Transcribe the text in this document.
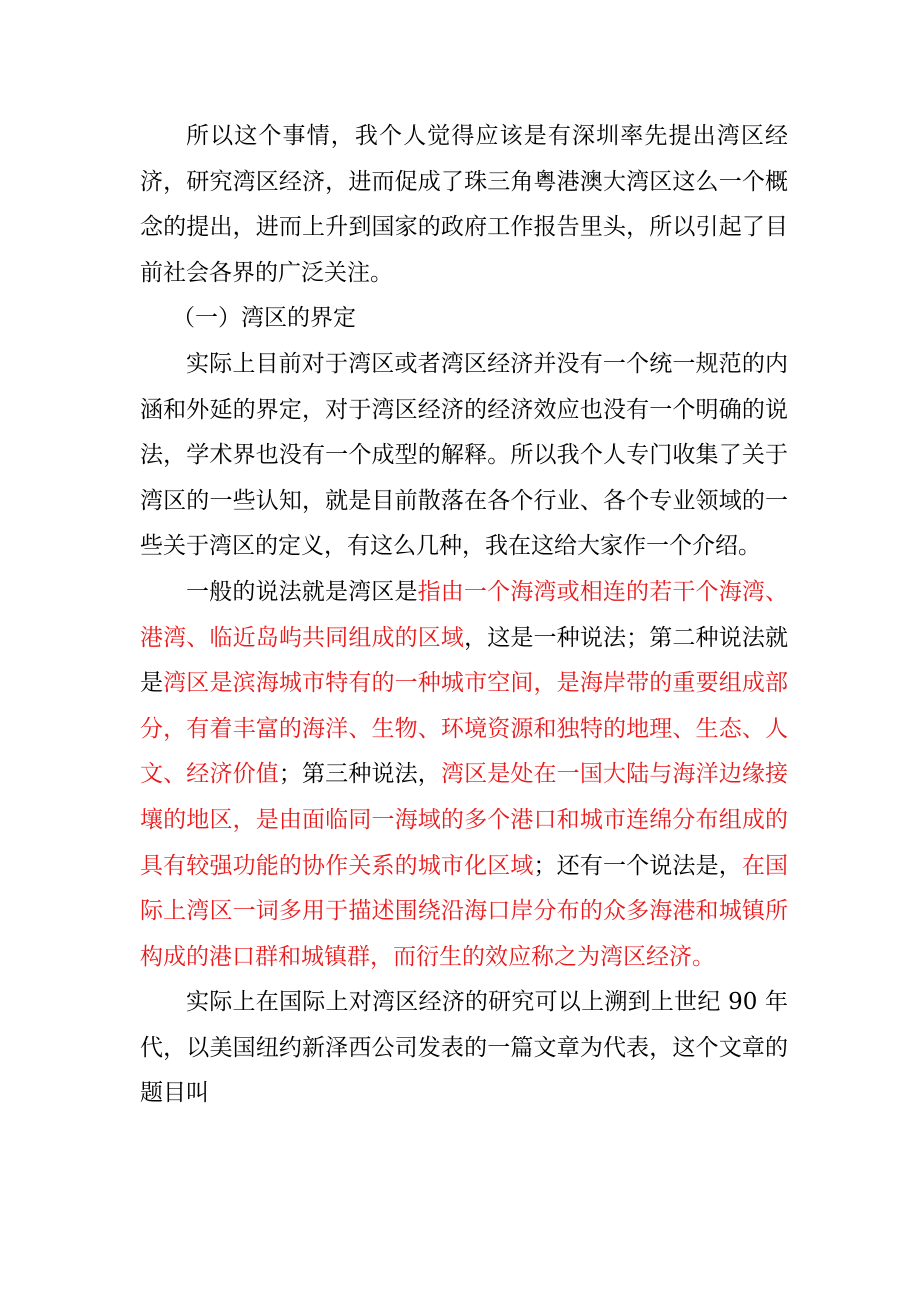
所以这个事情，我个人觉得应该是有深圳率先提出湾区经济，研究湾区经济，进而促成了珠三角粤港澳大湾区这么一个概念的提出，进而上升到国家的政府工作报告里头，所以引起了目前社会各界的广泛关注。

（一）湾区的界定

实际上目前对于湾区或者湾区经济并没有一个统一规范的内涵和外延的界定，对于湾区经济的经济效应也没有一个明确的说法，学术界也没有一个成型的解释。所以我个人专门收集了关于湾区的一些认知，就是目前散落在各个行业、各个专业领域的一些关于湾区的定义，有这么几种，我在这给大家作一个介绍。

一般的说法就是湾区是指由一个海湾或相连的若干个海湾、港湾、临近岛屿共同组成的区域，这是一种说法；第二种说法就是湾区是滨海城市特有的一种城市空间，是海岸带的重要组成部分，有着丰富的海洋、生物、环境资源和独特的地理、生态、人文、经济价值；第三种说法，湾区是处在一国大陆与海洋边缘接壤的地区，是由面临同一海域的多个港口和城市连绵分布组成的具有较强功能的协作关系的城市化区域；还有一个说法是，在国际上湾区一词多用于描述围绕沿海口岸分布的众多海港和城镇所构成的港口群和城镇群，而衍生的效应称之为湾区经济。

实际上在国际上对湾区经济的研究可以上溯到上世纪 90 年代，以美国纽约新泽西公司发表的一篇文章为代表，这个文章的题目叫
